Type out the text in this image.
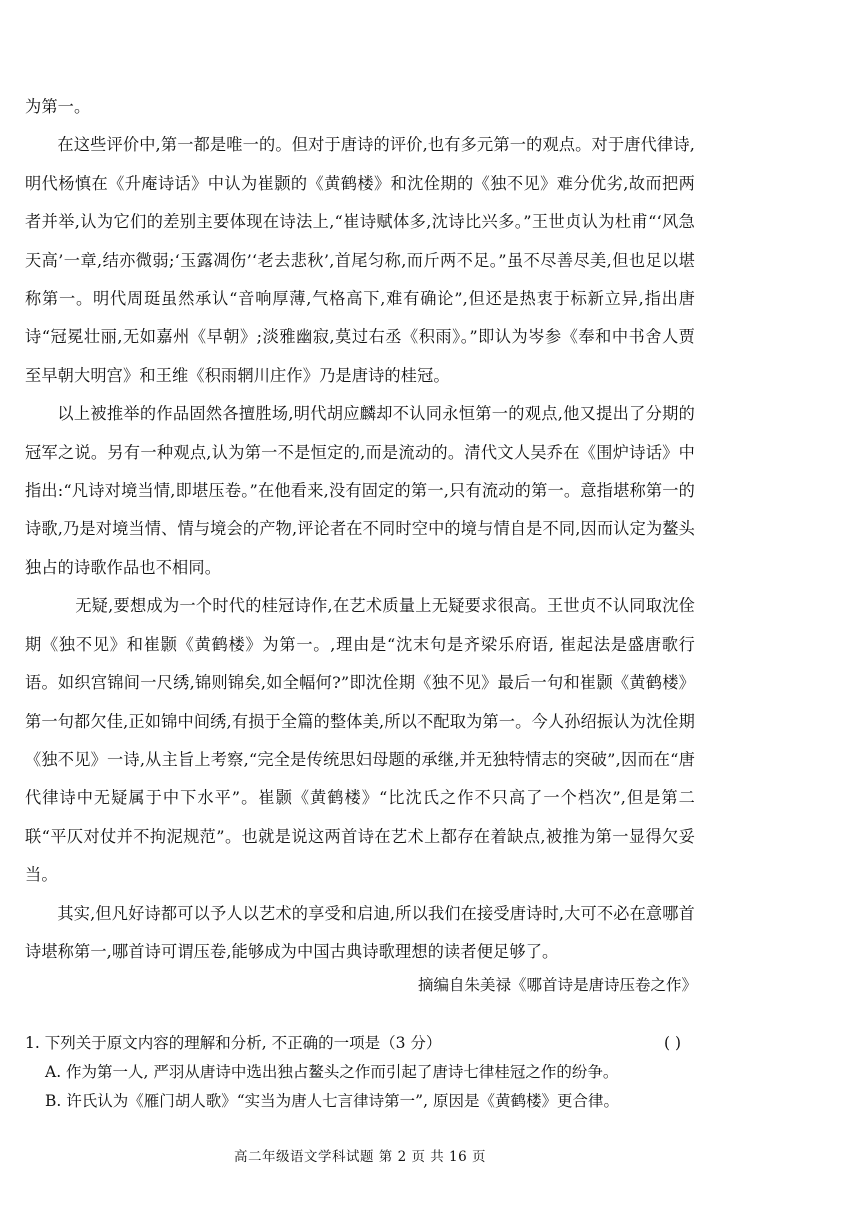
为第一。

在这些评价中,第一都是唯一的。但对于唐诗的评价,也有多元第一的观点。对于唐代律诗,明代杨慎在《升庵诗话》中认为崔颢的《黄鹤楼》和沈佺期的《独不见》难分优劣,故而把两者并举,认为它们的差别主要体现在诗法上,“崔诗赋体多,沈诗比兴多。”王世贞认为杜甫“‘风急天高’一章,结亦微弱;‘玉露凋伤’‘老去悲秋’,首尾匀称,而斤两不足。”虽不尽善尽美,但也足以堪称第一。明代周珽虽然承认“音响厚薄,气格高下,难有确论”,但还是热衷于标新立异,指出唐诗“冠冕壮丽,无如嘉州《早朝》;淡雅幽寂,莫过右丞《积雨》。”即认为岑参《奉和中书舍人贾至早朝大明宫》和王维《积雨辋川庄作》乃是唐诗的桂冠。

以上被推举的作品固然各擅胜场,明代胡应麟却不认同永恒第一的观点,他又提出了分期的冠军之说。另有一种观点,认为第一不是恒定的,而是流动的。清代文人吴乔在《围炉诗话》中指出:“凡诗对境当情,即堪压卷。”在他看来,没有固定的第一,只有流动的第一。意指堪称第一的诗歌,乃是对境当情、情与境会的产物,评论者在不同时空中的境与情自是不同,因而认定为鳌头独占的诗歌作品也不相同。

无疑,要想成为一个时代的桂冠诗作,在艺术质量上无疑要求很高。王世贞不认同取沈佺期《独不见》和崔颢《黄鹤楼》为第一。,理由是“沈末句是齐梁乐府语, 崔起法是盛唐歌行语。如织宫锦间一尺绣,锦则锦矣,如全幅何?”即沈佺期《独不见》最后一句和崔颢《黄鹤楼》第一句都欠佳,正如锦中间绣,有损于全篇的整体美,所以不配取为第一。今人孙绍振认为沈佺期《独不见》一诗,从主旨上考察,“完全是传统思妇母题的承继,并无独特情志的突破”,因而在“唐代律诗中无疑属于中下水平”。崔颢《黄鹤楼》“比沈氏之作不只高了一个档次”,但是第二联“平仄对仗并不拘泥规范”。也就是说这两首诗在艺术上都存在着缺点,被推为第一显得欠妥当。

其实,但凡好诗都可以予人以艺术的享受和启迪,所以我们在接受唐诗时,大可不必在意哪首诗堪称第一,哪首诗可谓压卷,能够成为中国古典诗歌理想的读者便足够了。

摘编自朱美禄《哪首诗是唐诗压卷之作》
1. 下列关于原文内容的理解和分析, 不正确的一项是（3 分）	( )
A. 作为第一人, 严羽从唐诗中选出独占鳌头之作而引起了唐诗七律桂冠之作的纷争。
B. 许氏认为《雁门胡人歌》“实当为唐人七言律诗第一”, 原因是《黄鹤楼》更合律。
高二年级语文学科试题 第 2 页 共 16 页
